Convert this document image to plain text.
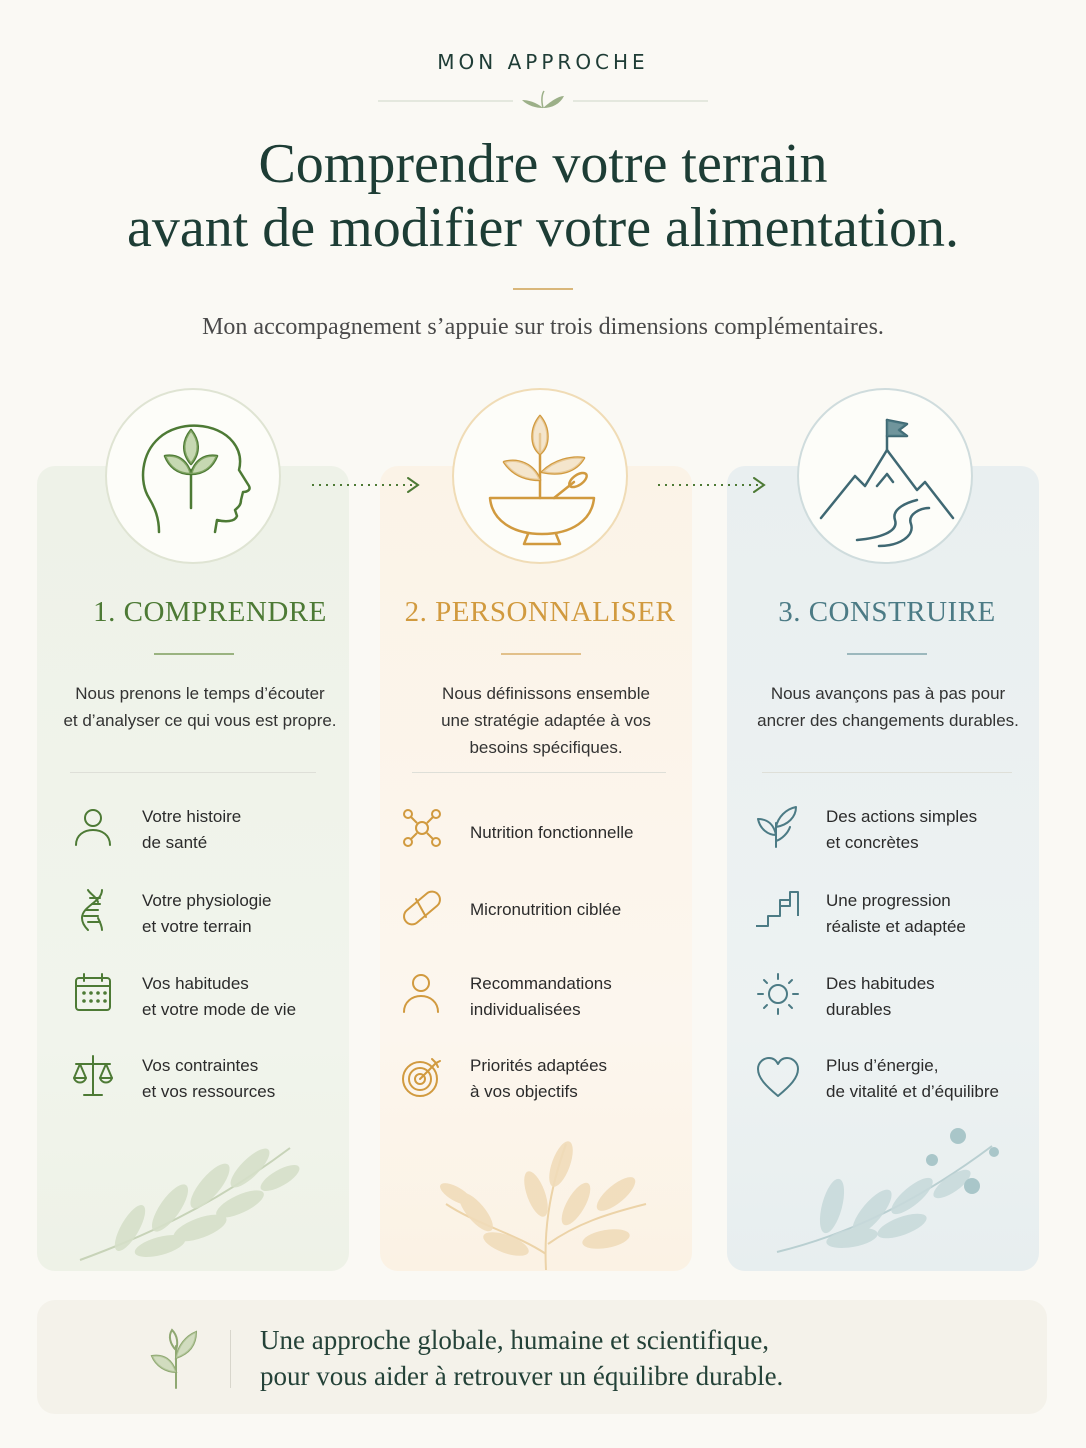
MON APPROCHE
Comprendre votre terrain
avant de modifier votre alimentation.
Mon accompagnement s’appuie sur trois dimensions complémentaires.
1. COMPRENDRE	2. PERSONNALISER	3. CONSTRUIRE
Nous prenons le temps d’écouter
et d’analyser ce qui vous est propre.
Nous définissons ensemble
une stratégie adaptée à vos
besoins spécifiques.
Nous avançons pas à pas pour
ancrer des changements durables.
Votre histoire
de santé
Votre physiologie
et votre terrain
Vos habitudes
et votre mode de vie
Vos contraintes
et vos ressources
Nutrition fonctionnelle
Micronutrition ciblée
Recommandations
individualisées
Priorités adaptées
à vos objectifs
Des actions simples
et concrètes
Une progression
réaliste et adaptée
Des habitudes
durables
Plus d’énergie,
de vitalité et d’équilibre
Une approche globale, humaine et scientifique,
pour vous aider à retrouver un équilibre durable.
